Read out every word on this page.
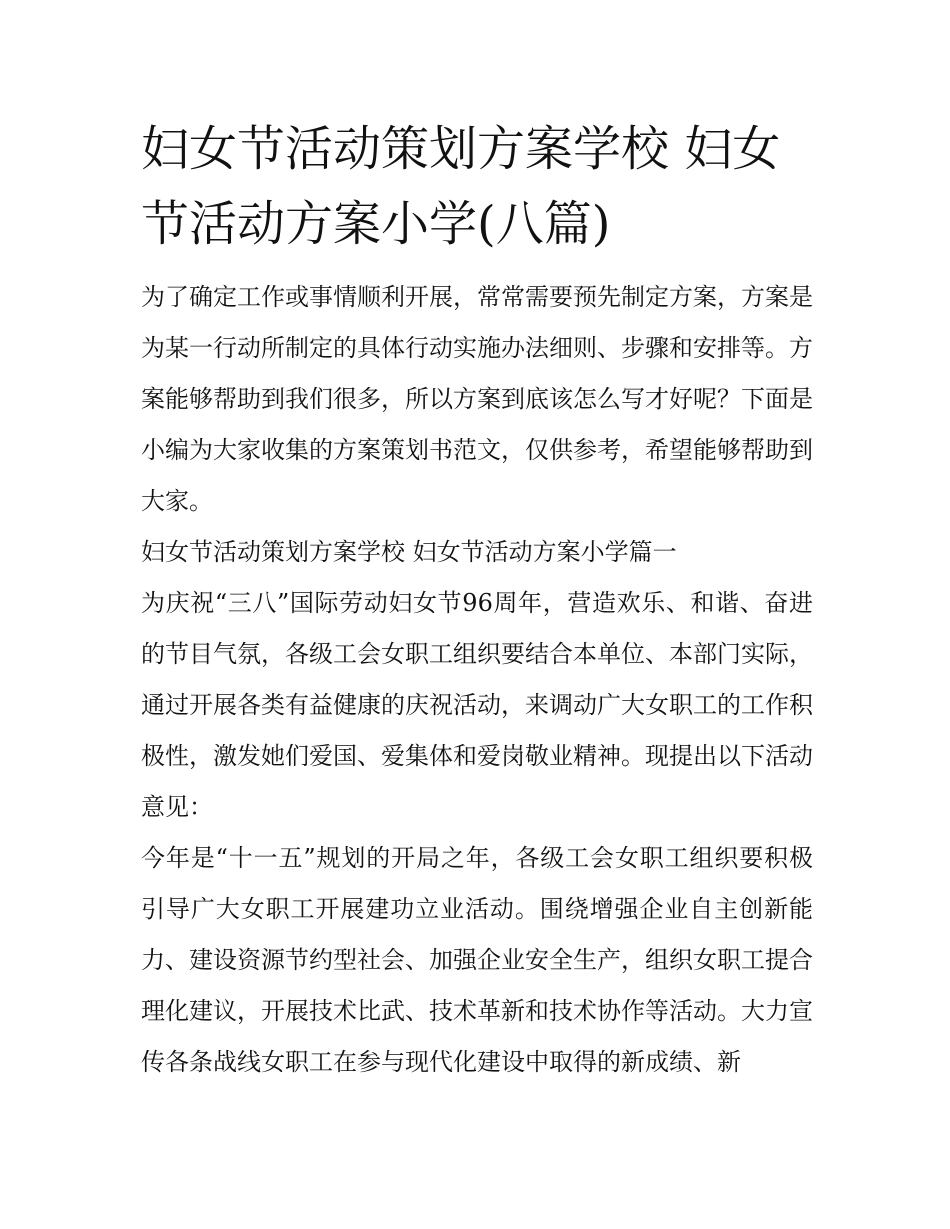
妇女节活动策划方案学校 妇女节活动方案小学(八篇)

为了确定工作或事情顺利开展，常常需要预先制定方案，方案是为某一行动所制定的具体行动实施办法细则、步骤和安排等。方案能够帮助到我们很多，所以方案到底该怎么写才好呢？下面是小编为大家收集的方案策划书范文，仅供参考，希望能够帮助到大家。

妇女节活动策划方案学校 妇女节活动方案小学篇一

为庆祝“三八”国际劳动妇女节96周年，营造欢乐、和谐、奋进的节目气氛，各级工会女职工组织要结合本单位、本部门实际，通过开展各类有益健康的庆祝活动，来调动广大女职工的工作积极性，激发她们爱国、爱集体和爱岗敬业精神。现提出以下活动意见：

今年是“十一五”规划的开局之年，各级工会女职工组织要积极引导广大女职工开展建功立业活动。围绕增强企业自主创新能力、建设资源节约型社会、加强企业安全生产，组织女职工提合理化建议，开展技术比武、技术革新和技术协作等活动。大力宣传各条战线女职工在参与现代化建设中取得的新成绩、新
